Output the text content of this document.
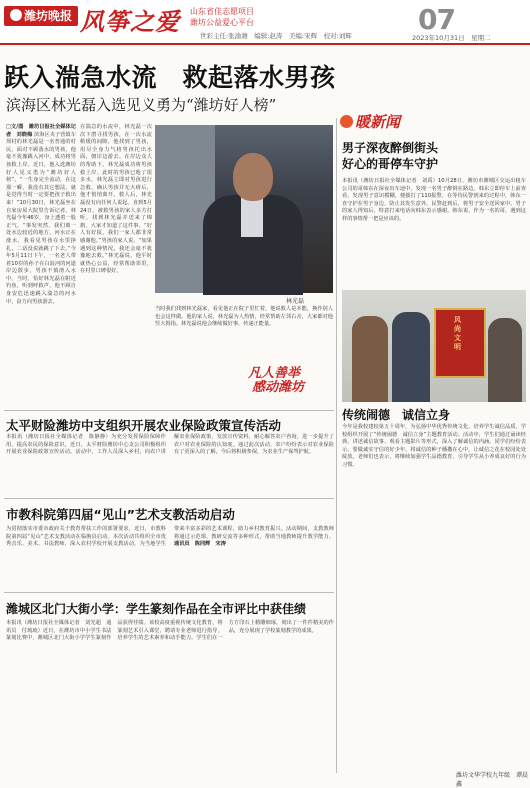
潍坊晚报 风筝之爱 山东省佳志愿项目
潍坊公益爱心平台	07
世彩主任:张渝潍　编辑:赵涛　美编:宋辉　校对:刘辉	2023年10月31日　星期二
跃入湍急水流　救起落水男孩
滨海区林光磊入选见义勇为“潍坊好人榜”
□文/图　潍坊日报社全媒体记者　刘晓梅 滨海区夹子营镇车坝村的林光磊是一名普通的村民，面对不顾落水的男孩，他毫不犹豫跳入河中，成功将男孩救上岸。近日，他入选潍坊好人见义勇为“潍坊好人榜”。“一生身完全流动，在这那一瞬，我没有其它想法，就是觉得当时一定要把孩子救出来！”10月30日，林光磊坐在自家房屋大院里告诉记者。林光磊今年46岁，身上透着一股正气。“事发突然，我们离一处水边较近的地方，河水正在涨水，我看见男孩在水里挣扎，二话没说就跳了下去。”今年5月11日下午，一名老人带着10岁的孙子在白浪河的河道岸边散步，男孩不慎滑入水中。当时，恰好林光磊在附近钓鱼，听到呼救声，他不顾自身安危迅速跳入湍急的河水中，奋力向男孩游去。
在湍急的水流中，林光磊一次次下潜寻找男孩，在一次水流稍缓的间隙，他找到了男孩，用尽全身力气将男孩托出水面，朝岸边游去。在岸边众人的帮助下，林光磊成功将男孩救上岸。此时的男孩已呛了很多水，林光磊立即对男孩进行急救，确认男孩并无大碍后，他才悄悄离开。救人后，林光磊没有向任何人说起。直到5月24日，被救男孩的家人多方打听，找到林光磊并送来了锦旗，大家才知道了这件事。“好人有好报，我们一家人都非常感谢他。”男孩的家人说。“如果遇到这种情况，我还会毫不犹豫地去救。”林光磊说，他平时就热心公益，经常帮助邻里，在村里口碑很好。
林光磊
当时我们找到林光磊家，看见他正在院子里忙着，他说救人是本能，换作别人也会这样做。他的家人说，林光磊为人热情，经常帮助左邻右舍，大家都对他竖大拇指。林光磊说他会继续做好事，传递正能量。
凡人善举
感动潍坊
太平财险潍坊中支组织开展农业保险政策宣传活动
本报讯（潍坊日报社全媒体记者　陈静静）为充分发挥保险保障作用，提高农民的保险意识，近日，太平财险潍坊中心支公司积极组织开展农业保险政策宣传活动。活动中，工作人员深入乡村，向农户讲解农业保险政策，发放宣传资料，耐心解答农户咨询，进一步提升了农户对农业保险的认知度。通过此次活动，农户纷纷表示对农业保险有了更深入的了解，今后将积极参保，为农业生产保驾护航。
市教科院第四届“见山”艺术支教活动启动
为贯彻落实市委市政府关于教育帮扶工作的部署要求，近日，市教科院第四届“见山”艺术支教活动在临朐县启动。本次活动共组织全市优秀音乐、美术、书法教师，深入农村学校开展支教活动，为当地学生带来丰富多彩的艺术课程，助力乡村教育振兴。活动期间，支教教师将通过示范课、教研交流等多种形式，帮助当地教师提升教学能力。 通讯员　陈同辉　宋涛
潍城区北门大街小学：学生篆刻作品在全市评比中获佳绩
本报讯（潍坊日报社全媒体记者　刘光超　通讯员　付琉琉）近日，在潍坊市中小学生书法篆刻比赛中，潍城区北门大街小学学生篆刻作品获得佳绩。该校高度重视传统文化教育，将篆刻艺术引入课堂，聘请专业老师进行指导，培养学生的艺术素养和动手能力。学生们在一方方印石上精雕细琢，刻出了一件件精美的作品，充分展现了学校篆刻教学的成果。
暖新闻
男子深夜醉倒街头
好心的哥停车守护
本报讯（潍坊日报社全媒体记者　刘禹）10月28日，潍坊市潍城区交运出租车公司的哥韩东在深夜出车途中，发现一名男子醉倒在路边。韩东立即停车上前查看，发现男子意识模糊，便拨打了110报警。在等待民警到来的过程中，韩东一直守护在男子身边，防止其发生意外。民警赶到后，将男子安全送回家中。男子的家人得知后，特意打来电话向韩东表示感谢。韩东说，作为一名的哥，遇到这样的事情帮一把是应该的。
风尚文明
传统闹德　诚信立身
今年是我校建校第五十周年，为弘扬中华优秀传统文化，培养学生诚信品质，学校组织开展了“传统闹德　诚信立身”主题教育活动。活动中，学生们通过诵读经典、讲述诚信故事、观看主题影片等形式，深入了解诚信的内涵。同学们纷纷表示，要做诚实守信的好少年，将诚信的种子播撒在心中，让诚信之花在校园处处绽放。老师们也表示，将继续加强学生品德教育，引导学生从小养成良好的行为习惯。
潍坊文华学校九年级　谭晨鑫
